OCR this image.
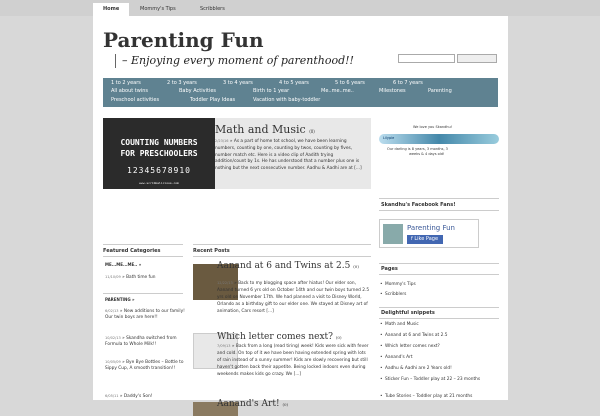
Home	Mommy's Tips	Scribblers
Parenting Fun
– Enjoying every moment of parenthood!!
1 to 2 years	2 to 3 years	3 to 4 years	4 to 5 years	5 to 6 years	6 to 7 years
All about twins	Baby Activities	Birth to 1 year	Me..me..me..	Milestones	Parenting
Preschool activities	Toddler Play Ideas	Vacation with baby-toddler
COUNTING NUMBERS
FOR PRESCHOOLERS
12345678910
www.scribbalicious.com
Math and Music (0)
2/23/16 » As a part of home tot school, we have been learning numbers, counting by one, counting by twos, counting by fives, number match etc. Here is a video clip of Aadith trying addition/count by 1s. He has understood that a number plus one is nothing but the next consecutive number. Aadhu & Aadhi are at [...]
Lilypie
We love you Skandhu!
Our darling is 8 years, 3 months, 3
weeks & 4 days old!
Skandhu's Facebook Fans!
Parenting Fun
f Like Page
Pages
• Mommy's Tips
• Scribblers
Delightful snippets
• Math and Music
• Aanand at 6 and Twins at 2.5
• Which letter comes next?
• Aanand's Art
• Aadhu & Aadhi are 2 Years old!
• Sticker Fun – Toddler play at 22 – 23 months
• Tube Stories – Toddler play at 21 months
Featured Categories
ME...ME...ME.. »
11/10/09 » Bath time fun
PARENTING »
6/02/13 » New additions to our family! Our twin boys are here!!
10/02/13 » Skandha switched from Formula to Whole Milk!!
10/05/09 » Bye Bye Bottles – Bottle to Sippy Cup, A smooth transition!!
6/05/11 » Daddy's Son!
Recent Posts
Aanand at 6 and Twins at 2.5 (0)
12/22/13 » Back to my blogging space after hiatus! Our elder son, Aanand turned 6 yrs old on October 14th and our twin boys turned 2.5 yrs old on November 17th. We had planned a visit to Disney World, Orlando as a birthday gift to our elder one. We stayed at Disney art of animation, Cars resort [...]
Which letter comes next? (0)
7/09/13 » Back from a long (read tiring) week! Kids were sick with fever and cold. On top of it we have been having extended spring with lots of rain instead of a sunny summer! Kids are slowly recovering but still haven't gotten back their appetite. Being locked indoors even during weekends makes kids go crazy. We [...]
Aanand's Art! (0)
